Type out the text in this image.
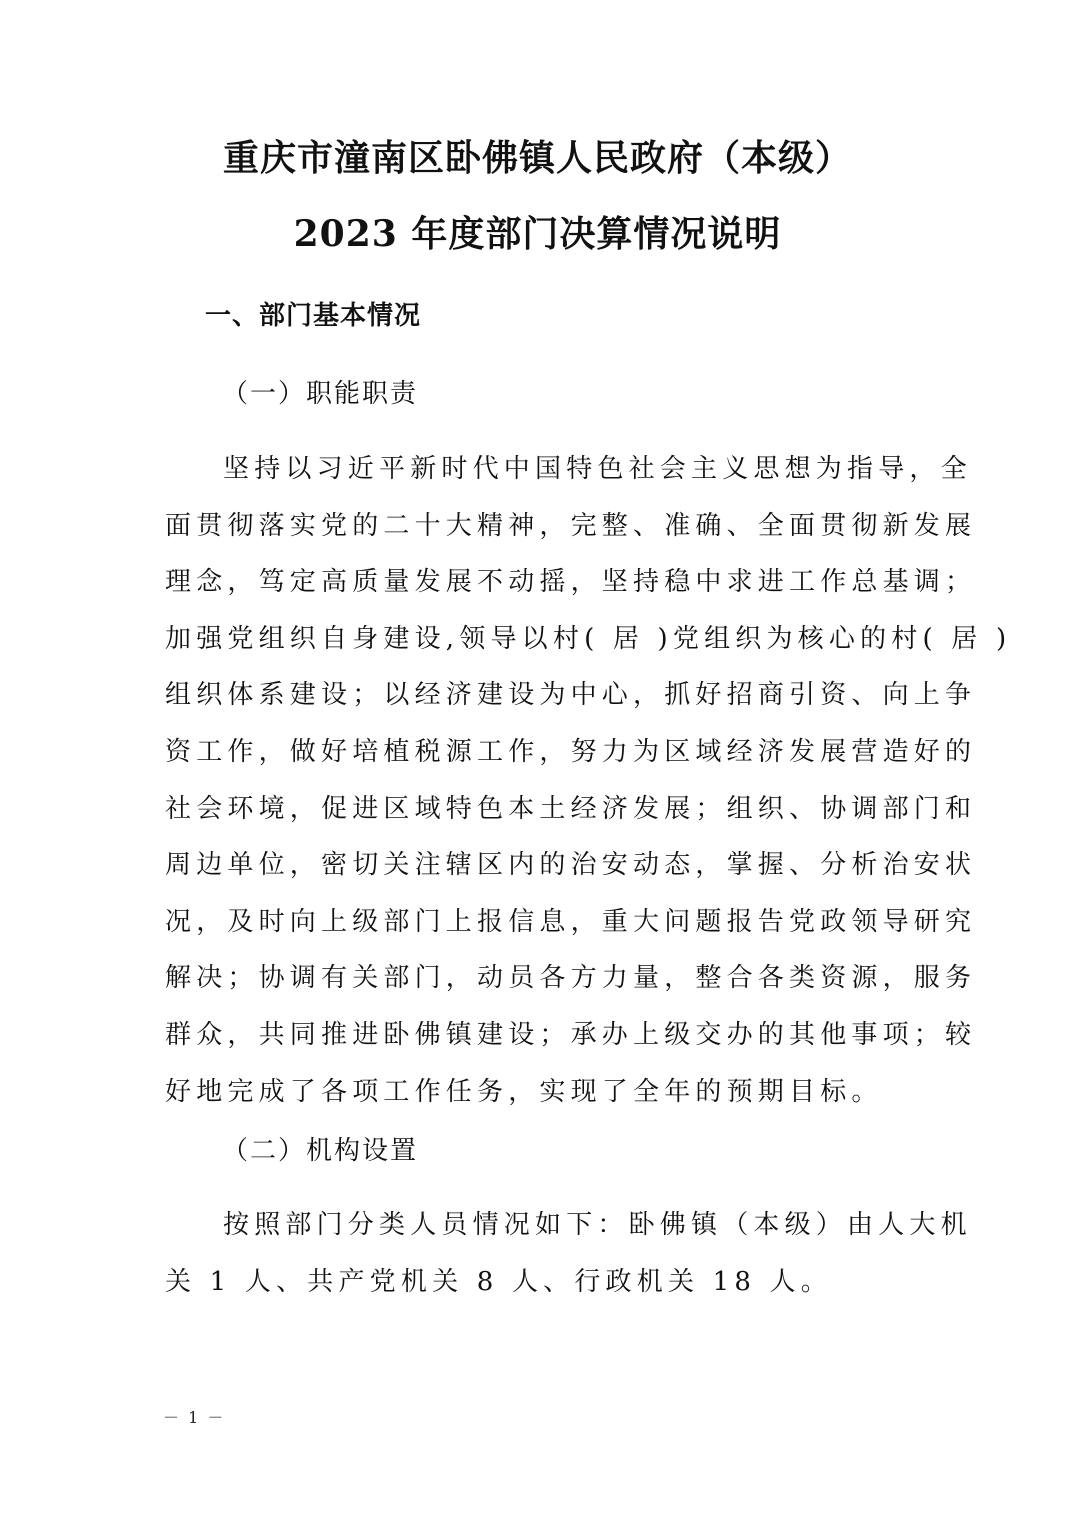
重庆市潼南区卧佛镇人民政府（本级）
2023 年度部门决算情况说明
一、部门基本情况
（一）职能职责
坚持以习近平新时代中国特色社会主义思想为指导，全
面贯彻落实党的二十大精神，完整、准确、全面贯彻新发展
理念，笃定高质量发展不动摇，坚持稳中求进工作总基调；
加强党组织自身建设,领导以村( 居 )党组织为核心的村( 居 )
组织体系建设；以经济建设为中心，抓好招商引资、向上争
资工作，做好培植税源工作，努力为区域经济发展营造好的
社会环境，促进区域特色本土经济发展；组织、协调部门和
周边单位，密切关注辖区内的治安动态，掌握、分析治安状
况，及时向上级部门上报信息，重大问题报告党政领导研究
解决；协调有关部门，动员各方力量，整合各类资源，服务
群众，共同推进卧佛镇建设；承办上级交办的其他事项；较
好地完成了各项工作任务，实现了全年的预期目标。
（二）机构设置
按照部门分类人员情况如下：卧佛镇（本级）由人大机
关 1 人、共产党机关 8 人、行政机关 18 人。
－ 1 －
